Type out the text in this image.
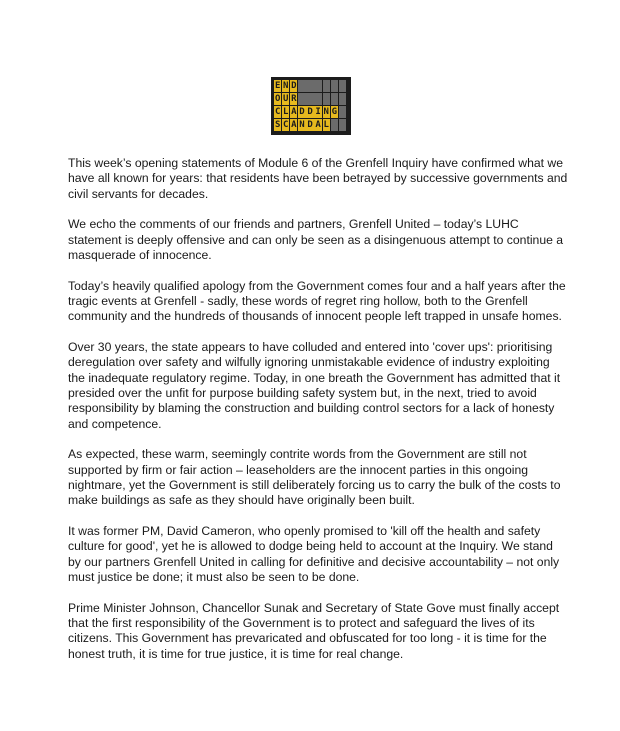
E N D
O U R
C L A D D I N G
S C A N D A L

This week’s opening statements of Module 6 of the Grenfell Inquiry have confirmed what we have all known for years: that residents have been betrayed by successive governments and civil servants for decades.

We echo the comments of our friends and partners, Grenfell United – today’s LUHC statement is deeply offensive and can only be seen as a disingenuous attempt to continue a masquerade of innocence.

Today’s heavily qualified apology from the Government comes four and a half years after the tragic events at Grenfell - sadly, these words of regret ring hollow, both to the Grenfell community and the hundreds of thousands of innocent people left trapped in unsafe homes.

Over 30 years, the state appears to have colluded and entered into 'cover ups': prioritising deregulation over safety and wilfully ignoring unmistakable evidence of industry exploiting the inadequate regulatory regime. Today, in one breath the Government has admitted that it presided over the unfit for purpose building safety system but, in the next, tried to avoid responsibility by blaming the construction and building control sectors for a lack of honesty and competence.

As expected, these warm, seemingly contrite words from the Government are still not supported by firm or fair action – leaseholders are the innocent parties in this ongoing nightmare, yet the Government is still deliberately forcing us to carry the bulk of the costs to make buildings as safe as they should have originally been built.

It was former PM, David Cameron, who openly promised to 'kill off the health and safety culture for good', yet he is allowed to dodge being held to account at the Inquiry. We stand by our partners Grenfell United in calling for definitive and decisive accountability – not only must justice be done; it must also be seen to be done.

Prime Minister Johnson, Chancellor Sunak and Secretary of State Gove must finally accept that the first responsibility of the Government is to protect and safeguard the lives of its citizens. This Government has prevaricated and obfuscated for too long - it is time for the honest truth, it is time for true justice, it is time for real change.
